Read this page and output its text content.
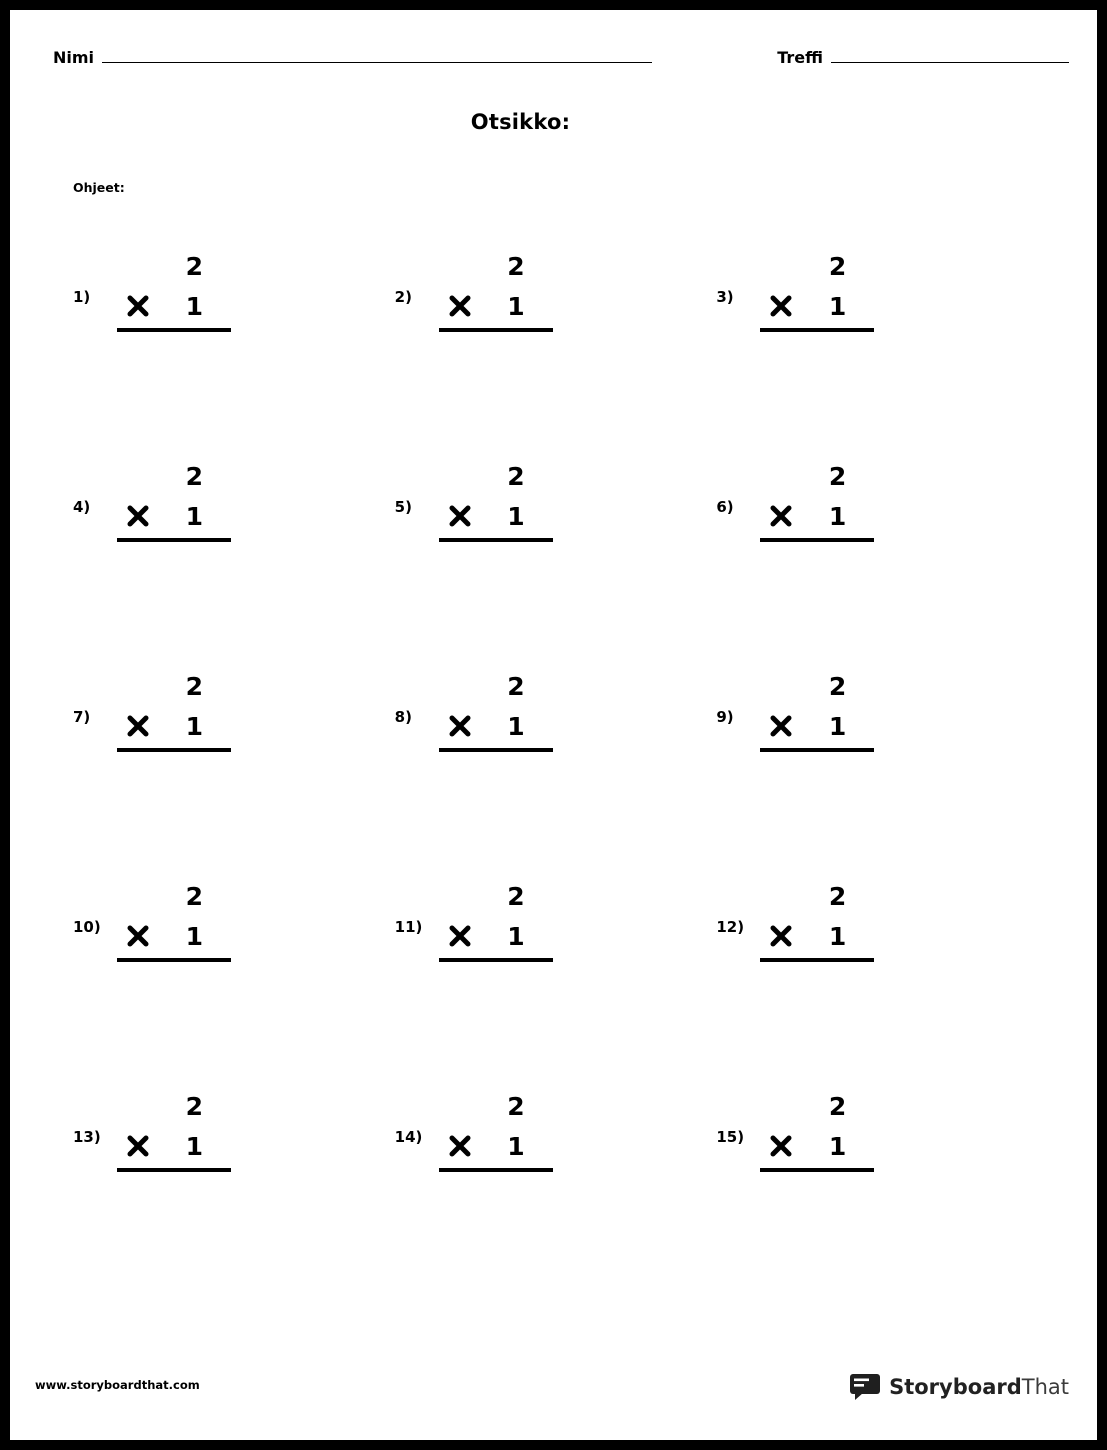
Nimi	Treffi
Otsikko:
Ohjeet:
1)
2
1	2)
2
1	3)
2
1
4)
2
1	5)
2
1	6)
2
1
7)
2
1	8)
2
1	9)
2
1
10)
2
1	11)
2
1	12)
2
1
13)
2
1	14)
2
1	15)
2
1
www.storyboardthat.com	StoryboardThat
